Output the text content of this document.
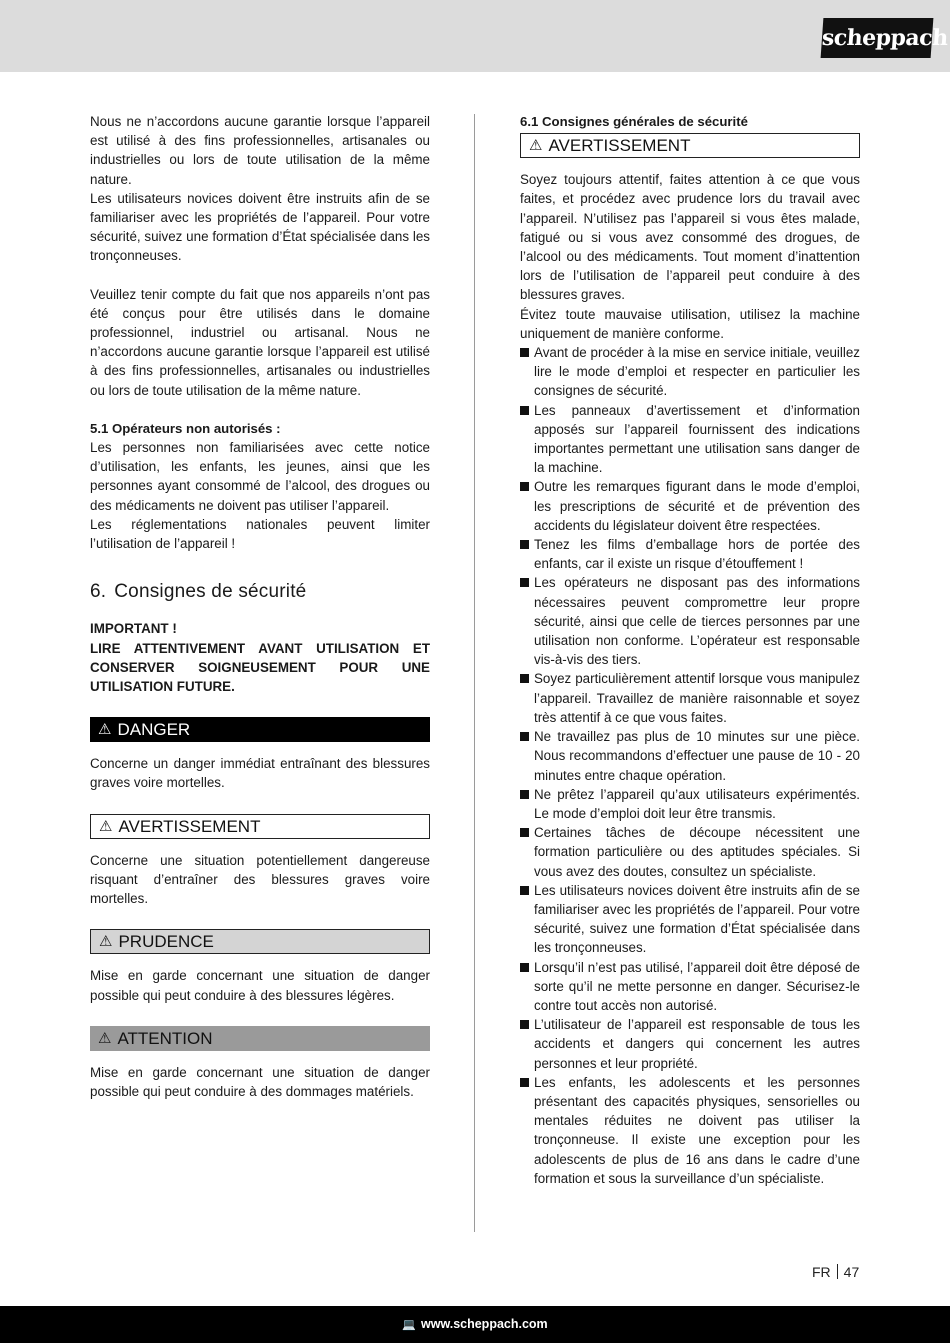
scheppach

Nous ne n’accordons aucune garantie lorsque l’appareil est utilisé à des fins professionnelles, artisanales ou industrielles ou lors de toute utilisation de la même nature.

Les utilisateurs novices doivent être instruits afin de se familiariser avec les propriétés de l’appareil. Pour votre sécurité, suivez une formation d’État spécialisée dans les tronçonneuses.

Veuillez tenir compte du fait que nos appareils n’ont pas été conçus pour être utilisés dans le domaine professionnel, industriel ou artisanal. Nous ne n’accordons aucune garantie lorsque l’appareil est utilisé à des fins professionnelles, artisanales ou industrielles ou lors de toute utilisation de la même nature.

5.1 Opérateurs non autorisés :

Les personnes non familiarisées avec cette notice d’utilisation, les enfants, les jeunes, ainsi que les personnes ayant consommé de l’alcool, des drogues ou des médicaments ne doivent pas utiliser l’appareil.

Les réglementations nationales peuvent limiter l’utilisation de l’appareil !

6. Consignes de sécurité

IMPORTANT !

LIRE ATTENTIVEMENT AVANT UTILISATION ET CONSERVER SOIGNEUSEMENT POUR UNE UTILISATION FUTURE.

⚠ DANGER

Concerne un danger immédiat entraînant des blessures graves voire mortelles.

⚠ AVERTISSEMENT

Concerne une situation potentiellement dangereuse risquant d’entraîner des blessures graves voire mortelles.

⚠ PRUDENCE

Mise en garde concernant une situation de danger possible qui peut conduire à des blessures légères.

⚠ ATTENTION

Mise en garde concernant une situation de danger possible qui peut conduire à des dommages matériels.

6.1 Consignes générales de sécurité

⚠ AVERTISSEMENT

Soyez toujours attentif, faites attention à ce que vous faites, et procédez avec prudence lors du travail avec l’appareil. N’utilisez pas l’appareil si vous êtes malade, fatigué ou si vous avez consommé des drogues, de l’alcool ou des médicaments. Tout moment d’inattention lors de l’utilisation de l’appareil peut conduire à des blessures graves.

Évitez toute mauvaise utilisation, utilisez la machine uniquement de manière conforme.

Avant de procéder à la mise en service initiale, veuillez lire le mode d’emploi et respecter en particulier les consignes de sécurité.
Les panneaux d’avertissement et d’information apposés sur l’appareil fournissent des indications importantes permettant une utilisation sans danger de la machine.
Outre les remarques figurant dans le mode d’emploi, les prescriptions de sécurité et de prévention des accidents du législateur doivent être respectées.
Tenez les films d’emballage hors de portée des enfants, car il existe un risque d’étouffement !
Les opérateurs ne disposant pas des informations nécessaires peuvent compromettre leur propre sécurité, ainsi que celle de tierces personnes par une utilisation non conforme. L’opérateur est responsable vis-à-vis des tiers.
Soyez particulièrement attentif lorsque vous manipulez l’appareil. Travaillez de manière raisonnable et soyez très attentif à ce que vous faites.
Ne travaillez pas plus de 10 minutes sur une pièce. Nous recommandons d’effectuer une pause de 10 - 20 minutes entre chaque opération.
Ne prêtez l’appareil qu’aux utilisateurs expérimentés. Le mode d’emploi doit leur être transmis.
Certaines tâches de découpe nécessitent une formation particulière ou des aptitudes spéciales. Si vous avez des doutes, consultez un spécialiste.
Les utilisateurs novices doivent être instruits afin de se familiariser avec les propriétés de l’appareil. Pour votre sécurité, suivez une formation d’État spécialisée dans les tronçonneuses.
Lorsqu’il n’est pas utilisé, l’appareil doit être déposé de sorte qu’il ne mette personne en danger. Sécurisez-le contre tout accès non autorisé.
L’utilisateur de l’appareil est responsable de tous les accidents et dangers qui concernent les autres personnes et leur propriété.
Les enfants, les adolescents et les personnes présentant des capacités physiques, sensorielles ou mentales réduites ne doivent pas utiliser la tronçonneuse. Il existe une exception pour les adolescents de plus de 16 ans dans le cadre d’une formation et sous la surveillance d’un spécialiste.
FR 47
💻 www.scheppach.com
